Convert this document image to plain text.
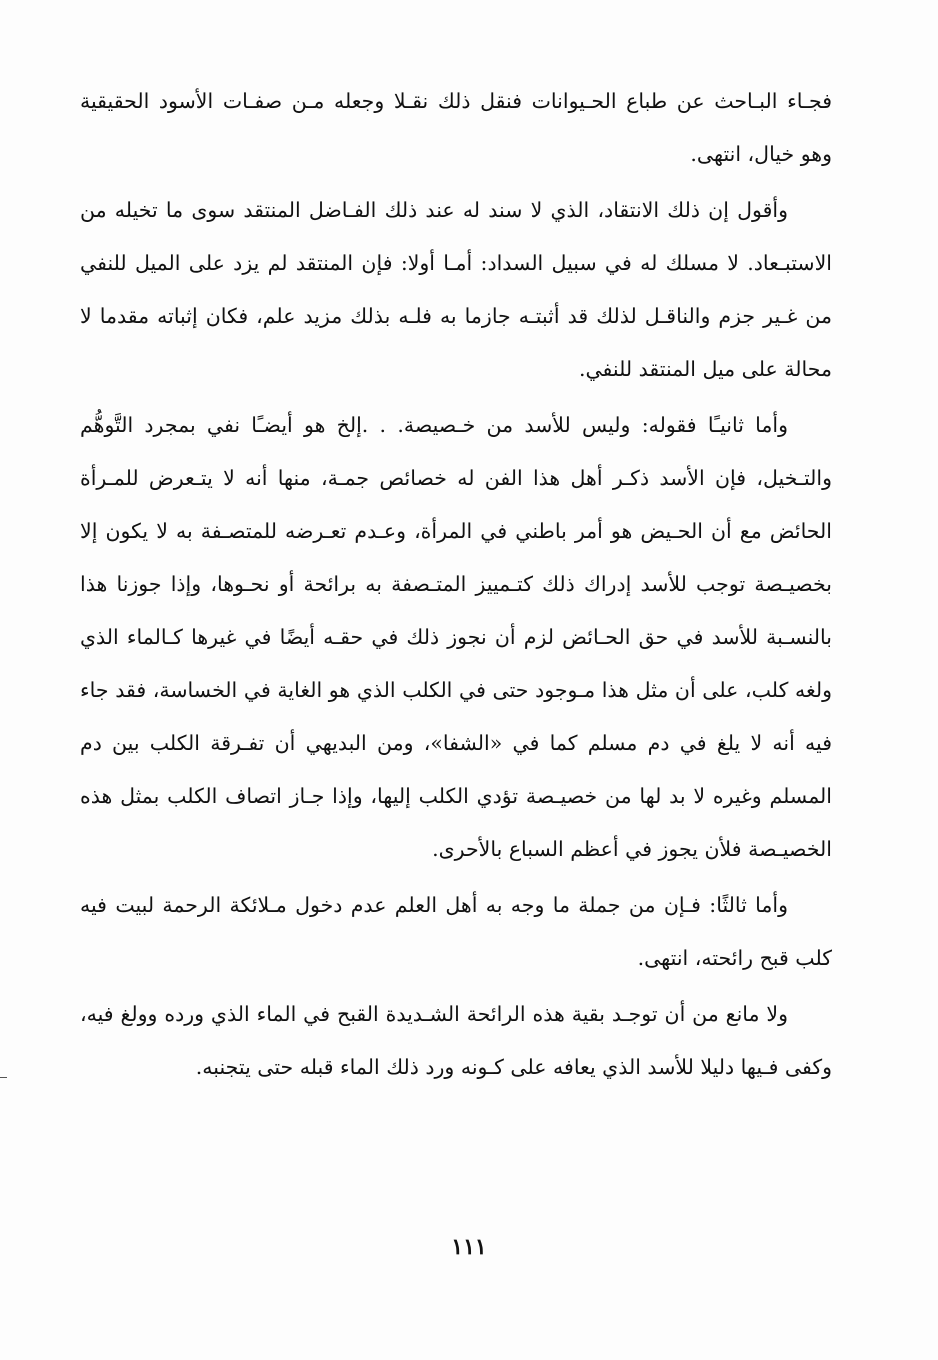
فجـاء البـاحث عن طباع الحـيوانات فنقل ذلك نقـلا وجعله مـن صفـات الأسود الحقيقية وهو خيال، انتهى.

وأقول إن ذلك الانتقاد، الذي لا سند له عند ذلك الفـاضل المنتقد سوى ما تخيله من الاستبـعاد. لا مسلك له في سبيل السداد: أمـا أولا: فإن المنتقد لم يزد على الميل للنفي من غـير جزم والناقـل لذلك قد أثبتـه جازما به فلـه بذلك مزيد علم، فكان إثباته مقدما لا محالة على ميل المنتقد للنفي.

وأما ثانيـًا فقوله: وليس للأسد من خـصيصة. . .إلخ هو أيضـًا نفي بمجرد التَّوهُّم والتـخيل، فإن الأسد ذكـر أهل هذا الفن له خصائص جمـة، منها أنه لا يتـعرض للمـرأة الحائض مع أن الحـيض هو أمر باطني في المرأة، وعـدم تعـرضه للمتصـفة به لا يكون إلا بخصيـصة توجب للأسد إدراك ذلك كتـمييز المتـصفة به برائحة أو نحـوها، وإذا جوزنا هذا بالنسـبة للأسد في حق الحـائض لزم أن نجوز ذلك في حقـه أيضًا في غيرها كـالماء الذي ولغه كلب، على أن مثل هذا مـوجود حتى في الكلب الذي هو الغاية في الخساسة، فقد جاء فيه أنه لا يلغ في دم مسلم كما في «الشفا»، ومن البديهي أن تفـرقة الكلب بين دم المسلم وغيره لا بد لها من خصيـصة تؤدي الكلب إليها، وإذا جـاز اتصاف الكلب بمثل هذه الخصيـصة فلأن يجوز في أعظم السباع بالأحرى.

وأما ثالثًا: فـإن من جملة ما وجه به أهل العلم عدم دخول مـلائكة الرحمة لبيت فيه كلب قبح رائحته، انتهى.

ولا مانع من أن توجـد بقية هذه الرائحة الشـديدة القبح في الماء الذي ورده وولغ فيه، وكفى فـيها دليلا للأسد الذي يعافه على كـونه ورد ذلك الماء قبله حتى يتجنبه.

١١١
